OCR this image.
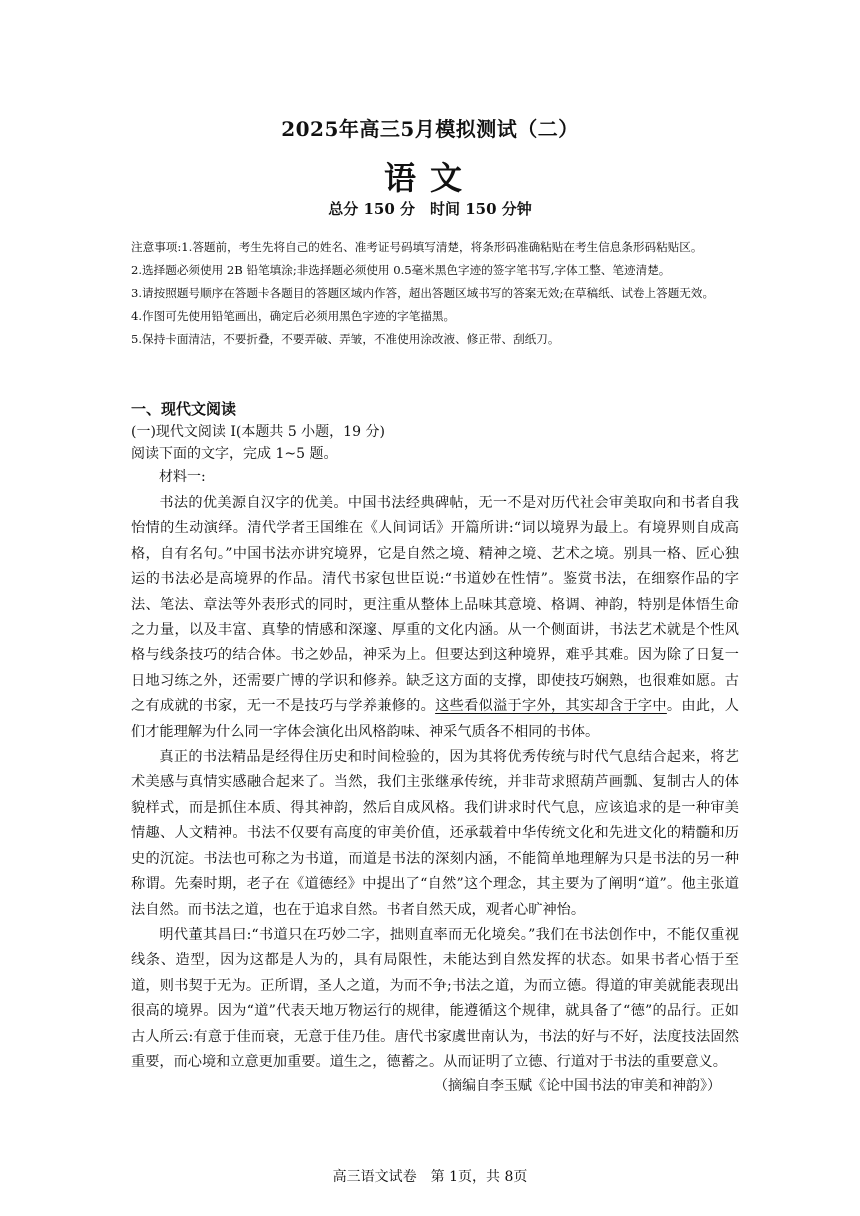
2025年高三5月模拟测试（二）
语文
总分 150 分　时间 150 分钟

注意事项:1.答题前，考生先将自己的姓名、准考证号码填写清楚，将条形码准确粘贴在考生信息条形码粘贴区。

2.选择题必须使用 2B 铅笔填涂;非选择题必须使用 0.5毫米黑色字迹的签字笔书写,字体工整、笔迹清楚。

3.请按照题号顺序在答题卡各题目的答题区域内作答，超出答题区域书写的答案无效;在草稿纸、试卷上答题无效。

4.作图可先使用铅笔画出，确定后必须用黑色字迹的字笔描黑。

5.保持卡面清洁，不要折叠，不要弄破、弄皱，不准使用涂改液、修正带、刮纸刀。

一、现代文阅读
(一)现代文阅读 I(本题共 5 小题，19 分)
阅读下面的文字，完成 1~5 题。
材料一:

书法的优美源自汉字的优美。中国书法经典碑帖，无一不是对历代社会审美取向和书者自我怡情的生动演绎。清代学者王国维在《人间词话》开篇所讲:“词以境界为最上。有境界则自成高格，自有名句。”中国书法亦讲究境界，它是自然之境、精神之境、艺术之境。别具一格、匠心独运的书法必是高境界的作品。清代书家包世臣说:“书道妙在性情”。鉴赏书法，在细察作品的字法、笔法、章法等外表形式的同时，更注重从整体上品味其意境、格调、神韵，特别是体悟生命之力量，以及丰富、真挚的情感和深邃、厚重的文化内涵。从一个侧面讲，书法艺术就是个性风格与线条技巧的结合体。书之妙品，神采为上。但要达到这种境界，难乎其难。因为除了日复一日地习练之外，还需要广博的学识和修养。缺乏这方面的支撑，即使技巧娴熟，也很难如愿。古之有成就的书家，无一不是技巧与学养兼修的。这些看似溢于字外，其实却含于字中。由此，人们才能理解为什么同一字体会演化出风格韵味、神采气质各不相同的书体。

真正的书法精品是经得住历史和时间检验的，因为其将优秀传统与时代气息结合起来，将艺术美感与真情实感融合起来了。当然，我们主张继承传统，并非苛求照葫芦画瓢、复制古人的体貌样式，而是抓住本质、得其神韵，然后自成风格。我们讲求时代气息，应该追求的是一种审美情趣、人文精神。书法不仅要有高度的审美价值，还承载着中华传统文化和先进文化的精髓和历史的沉淀。书法也可称之为书道，而道是书法的深刻内涵，不能简单地理解为只是书法的另一种称谓。先秦时期，老子在《道德经》中提出了“自然”这个理念，其主要为了阐明“道”。他主张道法自然。而书法之道，也在于追求自然。书者自然天成，观者心旷神怡。

明代董其昌曰:“书道只在巧妙二字，拙则直率而无化境矣。”我们在书法创作中，不能仅重视线条、造型，因为这都是人为的，具有局限性，未能达到自然发挥的状态。如果书者心悟于至道，则书契于无为。正所谓，圣人之道，为而不争;书法之道，为而立德。得道的审美就能表现出很高的境界。因为“道”代表天地万物运行的规律，能遵循这个规律，就具备了“德”的品行。正如古人所云:有意于佳而衰，无意于佳乃佳。唐代书家虞世南认为，书法的好与不好，法度技法固然重要，而心境和立意更加重要。道生之，德蓄之。从而证明了立德、行道对于书法的重要意义。

（摘编自李玉赋《论中国书法的审美和神韵》）
高三语文试卷　第 1页，共 8页
